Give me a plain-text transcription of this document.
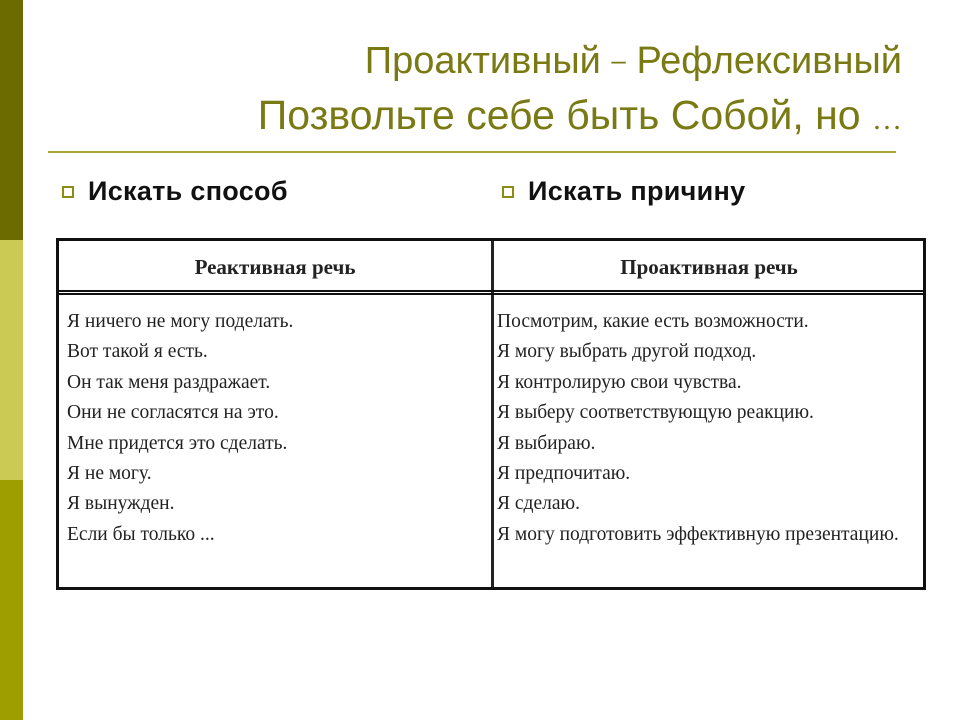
Проактивный – Рефлексивный
Позвольте себе быть Собой, но …
Искать способ	Искать причину
Реактивная речь	Проактивная речь
Я ничего не могу поделать.
Вот такой я есть.
Он так меня раздражает.
Они не согласятся на это.
Мне придется это сделать.
Я не могу.
Я вынужден.
Если бы только ...
Посмотрим, какие есть возможности.
Я могу выбрать другой подход.
Я контролирую свои чувства.
Я выберу соответствующую реакцию.
Я выбираю.
Я предпочитаю.
Я сделаю.
Я могу подготовить эффективную презентацию.
